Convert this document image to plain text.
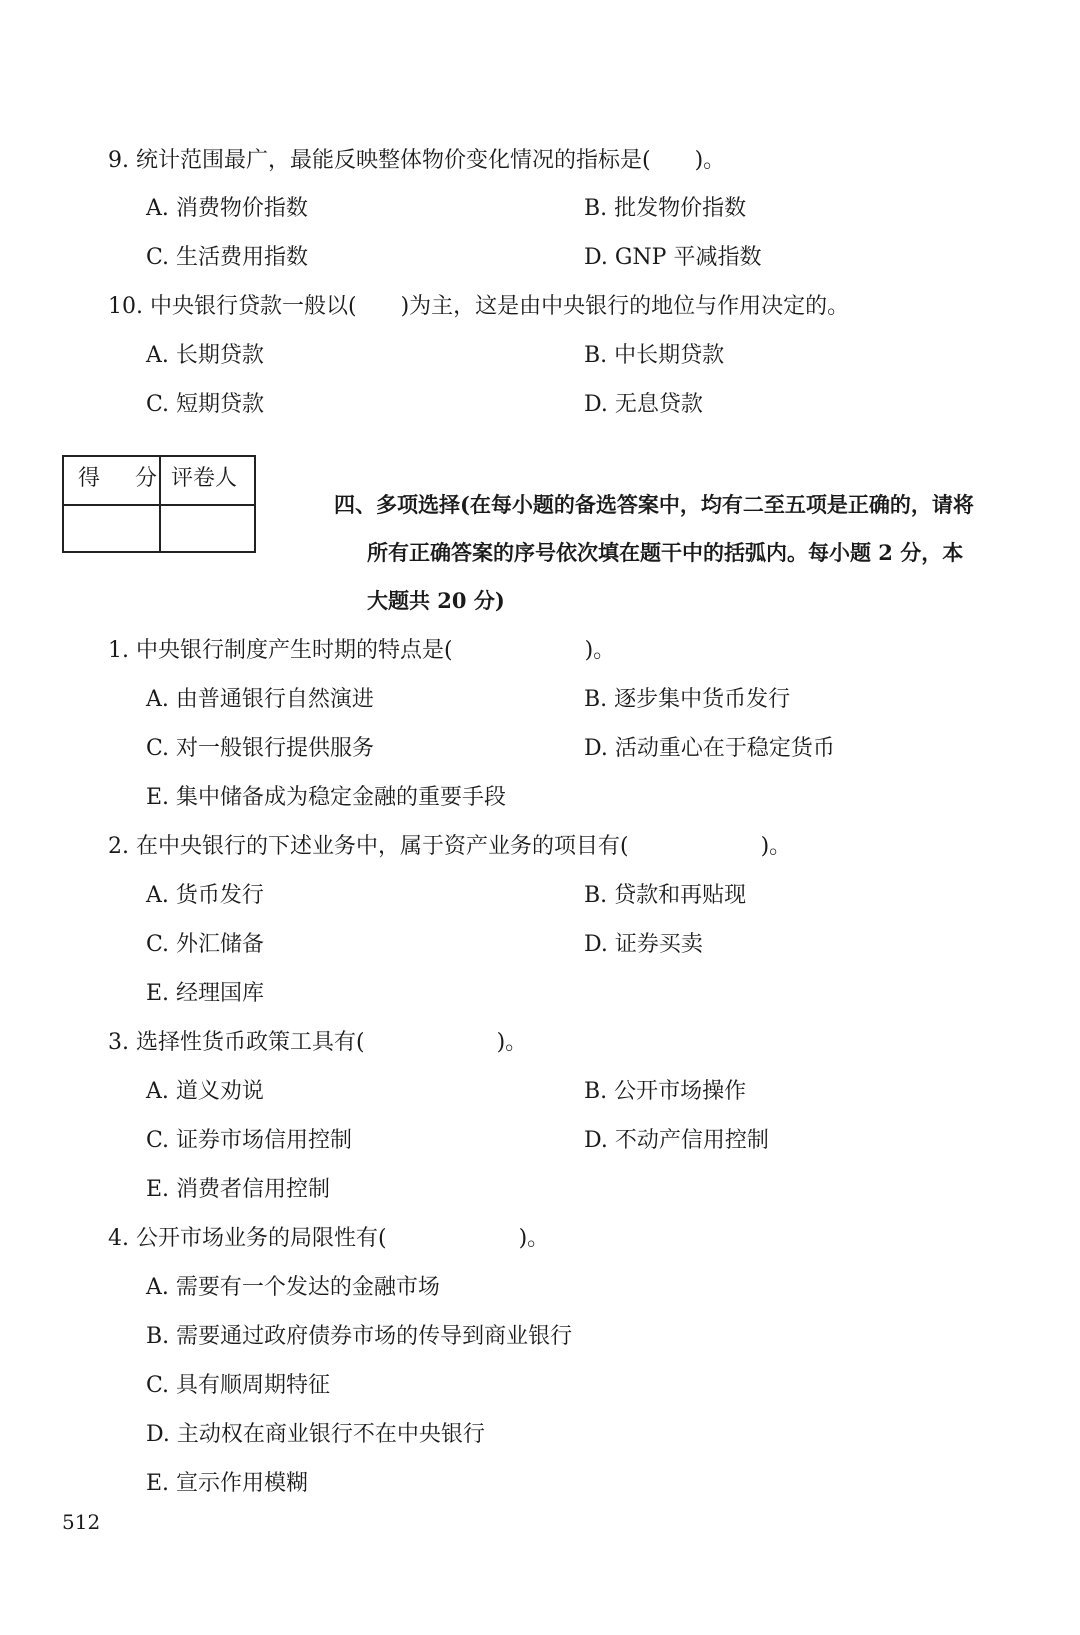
9. 统计范围最广，最能反映整体物价变化情况的指标是(　　)。
A. 消费物价指数	B. 批发物价指数
C. 生活费用指数	D. GNP 平减指数
10. 中央银行贷款一般以(　　)为主，这是由中央银行的地位与作用决定的。
A. 长期贷款	B. 中长期贷款
C. 短期贷款	D. 无息贷款
得 分 评卷人
四、多项选择(在每小题的备选答案中，均有二至五项是正确的，请将
所有正确答案的序号依次填在题干中的括弧内。每小题 2 分，本
大题共 20 分)
1. 中央银行制度产生时期的特点是(　　　　　　)。
A. 由普通银行自然演进	B. 逐步集中货币发行
C. 对一般银行提供服务	D. 活动重心在于稳定货币
E. 集中储备成为稳定金融的重要手段
2. 在中央银行的下述业务中，属于资产业务的项目有(　　　　　　)。
A. 货币发行	B. 贷款和再贴现
C. 外汇储备	D. 证券买卖
E. 经理国库
3. 选择性货币政策工具有(　　　　　　)。
A. 道义劝说	B. 公开市场操作
C. 证券市场信用控制	D. 不动产信用控制
E. 消费者信用控制
4. 公开市场业务的局限性有(　　　　　　)。
A. 需要有一个发达的金融市场
B. 需要通过政府债券市场的传导到商业银行
C. 具有顺周期特征
D. 主动权在商业银行不在中央银行
E. 宣示作用模糊
512
